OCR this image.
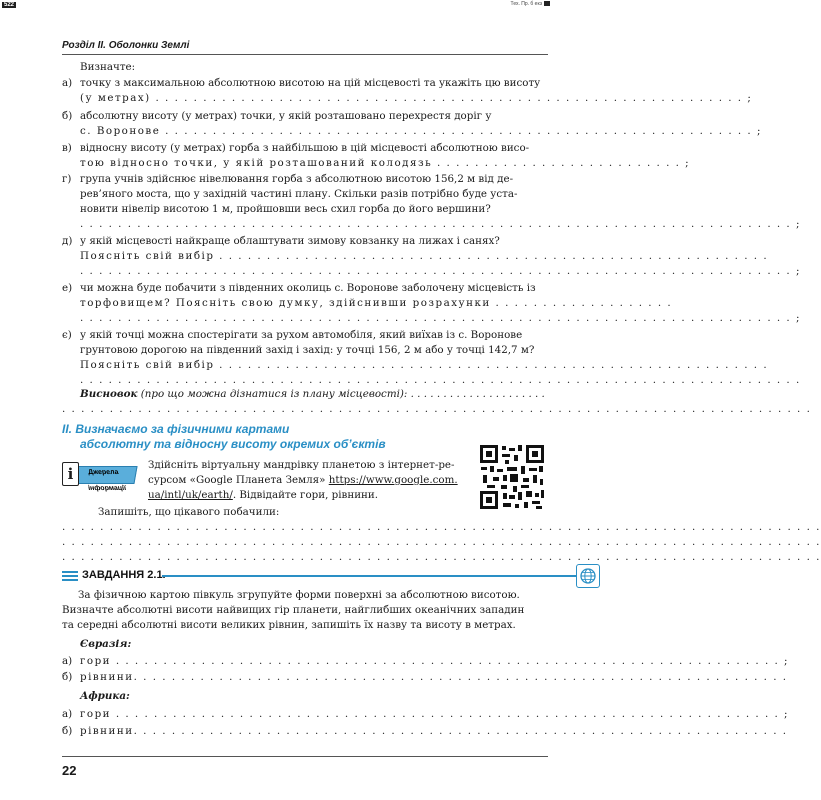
522	Тех. Пр. б екз
Розділ ІІ. Оболонки Землі
Визначте:
а) точку з максимальною абсолютною висотою на цій місцевості та укажіть цю висоту
(у метрах) . . . . . . . . . . . . . . . . . . . . . . . . . . . . . . . . . . . . . . . . . . . . . . . . . . . . . . . . . . . . . . ;
б) абсолютну висоту (у метрах) точки, у якій розташовано перехрестя доріг у
с. Воронове . . . . . . . . . . . . . . . . . . . . . . . . . . . . . . . . . . . . . . . . . . . . . . . . . . . . . . . . . . . . . . ;
в) відносну висоту (у метрах) горба з найбільшою в цій місцевості абсолютною висо-
тою відносно точки, у якій розташований колодязь . . . . . . . . . . . . . . . . . . . . . . . . . . ;
г) група учнів здійснює нівелювання горба з абсолютною висотою 156,2 м від де-
рев’яного моста, що у західній частині плану. Скільки разів потрібно буде уста-
новити нівелір висотою 1 м, пройшовши весь схил горба до його вершини?
. . . . . . . . . . . . . . . . . . . . . . . . . . . . . . . . . . . . . . . . . . . . . . . . . . . . . . . . . . . . . . . . . . . . . . . . . . . ;
д) у якій місцевості найкраще облаштувати зимову ковзанку на лижах і санях?
Поясніть свій вибір . . . . . . . . . . . . . . . . . . . . . . . . . . . . . . . . . . . . . . . . . . . . . . . . . . . . . . . . . .
. . . . . . . . . . . . . . . . . . . . . . . . . . . . . . . . . . . . . . . . . . . . . . . . . . . . . . . . . . . . . . . . . . . . . . . . . . . ;
е) чи можна буде побачити з південних околиць с. Воронове заболочену місцевість із
торфовищем? Поясніть свою думку, здійснивши розрахунки . . . . . . . . . . . . . . . . . . .
. . . . . . . . . . . . . . . . . . . . . . . . . . . . . . . . . . . . . . . . . . . . . . . . . . . . . . . . . . . . . . . . . . . . . . . . . . . ;
є) у якій точці можна спостерігати за рухом автомобіля, який виїхав із с. Воронове
грунтовою дорогою на південний захід і захід: у точці 156, 2 м або у точці 142,7 м?
Поясніть свій вибір . . . . . . . . . . . . . . . . . . . . . . . . . . . . . . . . . . . . . . . . . . . . . . . . . . . . . . . . . .
. . . . . . . . . . . . . . . . . . . . . . . . . . . . . . . . . . . . . . . . . . . . . . . . . . . . . . . . . . . . . . . . . . . . . . . . . . . .
Висновок (про що можна дізнатися із плану місцевості): . . . . . . . . . . . . . . . . . . . . .
. . . . . . . . . . . . . . . . . . . . . . . . . . . . . . . . . . . . . . . . . . . . . . . . . . . . . . . . . . . . . . . . . . . . . . . . . . . . . . .
ІІ. Визначаємо за фізичними картами
абсолютну та відносну висоту окремих об’єктів
Джерела

інформації
i	Здійсніть віртуальну мандрівку планетою з інтернет-ре-
сурсом «Google Планета Земля» https://www.google.com.
ua/intl/uk/earth/. Відвідайте гори, рівнини.
Запишіть, що цікавого побачили:
. . . . . . . . . . . . . . . . . . . . . . . . . . . . . . . . . . . . . . . . . . . . . . . . . . . . . . . . . . . . . . . . . . . . . . . . . . . . . . . .
. . . . . . . . . . . . . . . . . . . . . . . . . . . . . . . . . . . . . . . . . . . . . . . . . . . . . . . . . . . . . . . . . . . . . . . . . . . . . . . .
. . . . . . . . . . . . . . . . . . . . . . . . . . . . . . . . . . . . . . . . . . . . . . . . . . . . . . . . . . . . . . . . . . . . . . . . . . . . . . . .
ЗАВДАННЯ 2.1.
За фізичною картою півкуль згрупуйте форми поверхні за абсолютною висотою.
Визначте абсолютні висоти найвищих гір планети, найглибших океанічних западин
та середні абсолютні висоти великих рівнин, запишіть їх назву та висоту в метрах.
Євразія:
а) гори . . . . . . . . . . . . . . . . . . . . . . . . . . . . . . . . . . . . . . . . . . . . . . . . . . . . . . . . . . . . . . . . . . . . . . ;
б) рівнини. . . . . . . . . . . . . . . . . . . . . . . . . . . . . . . . . . . . . . . . . . . . . . . . . . . . . . . . . . . . . . . . . . . . .
Африка:
а) гори . . . . . . . . . . . . . . . . . . . . . . . . . . . . . . . . . . . . . . . . . . . . . . . . . . . . . . . . . . . . . . . . . . . . . . ;
б) рівнини. . . . . . . . . . . . . . . . . . . . . . . . . . . . . . . . . . . . . . . . . . . . . . . . . . . . . . . . . . . . . . . . . . . . .
22
